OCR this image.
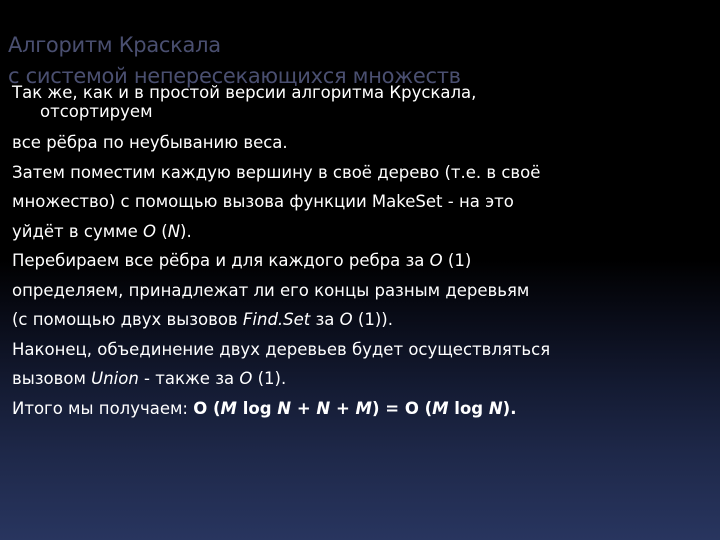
Алгоритм Краскала
с системой непересекающихся множеств
Так же, как и в простой версии алгоритма Крускала,
отсортируем
все рёбра по неубыванию веса.
Затем поместим каждую вершину в своё дерево (т.е. в своё
множество) с помощью вызова функции MakeSet - на это
уйдёт в сумме O (N).
Перебираем все рёбра и для каждого ребра за O (1)
определяем, принадлежат ли его концы разным деревьям
(с помощью двух вызовов Find.Set за O (1)).
Наконец, объединение двух деревьев будет осуществляться
вызовом Union - также за O (1).
Итого мы получаем: O (M log N + N + M) = O (M log N).
